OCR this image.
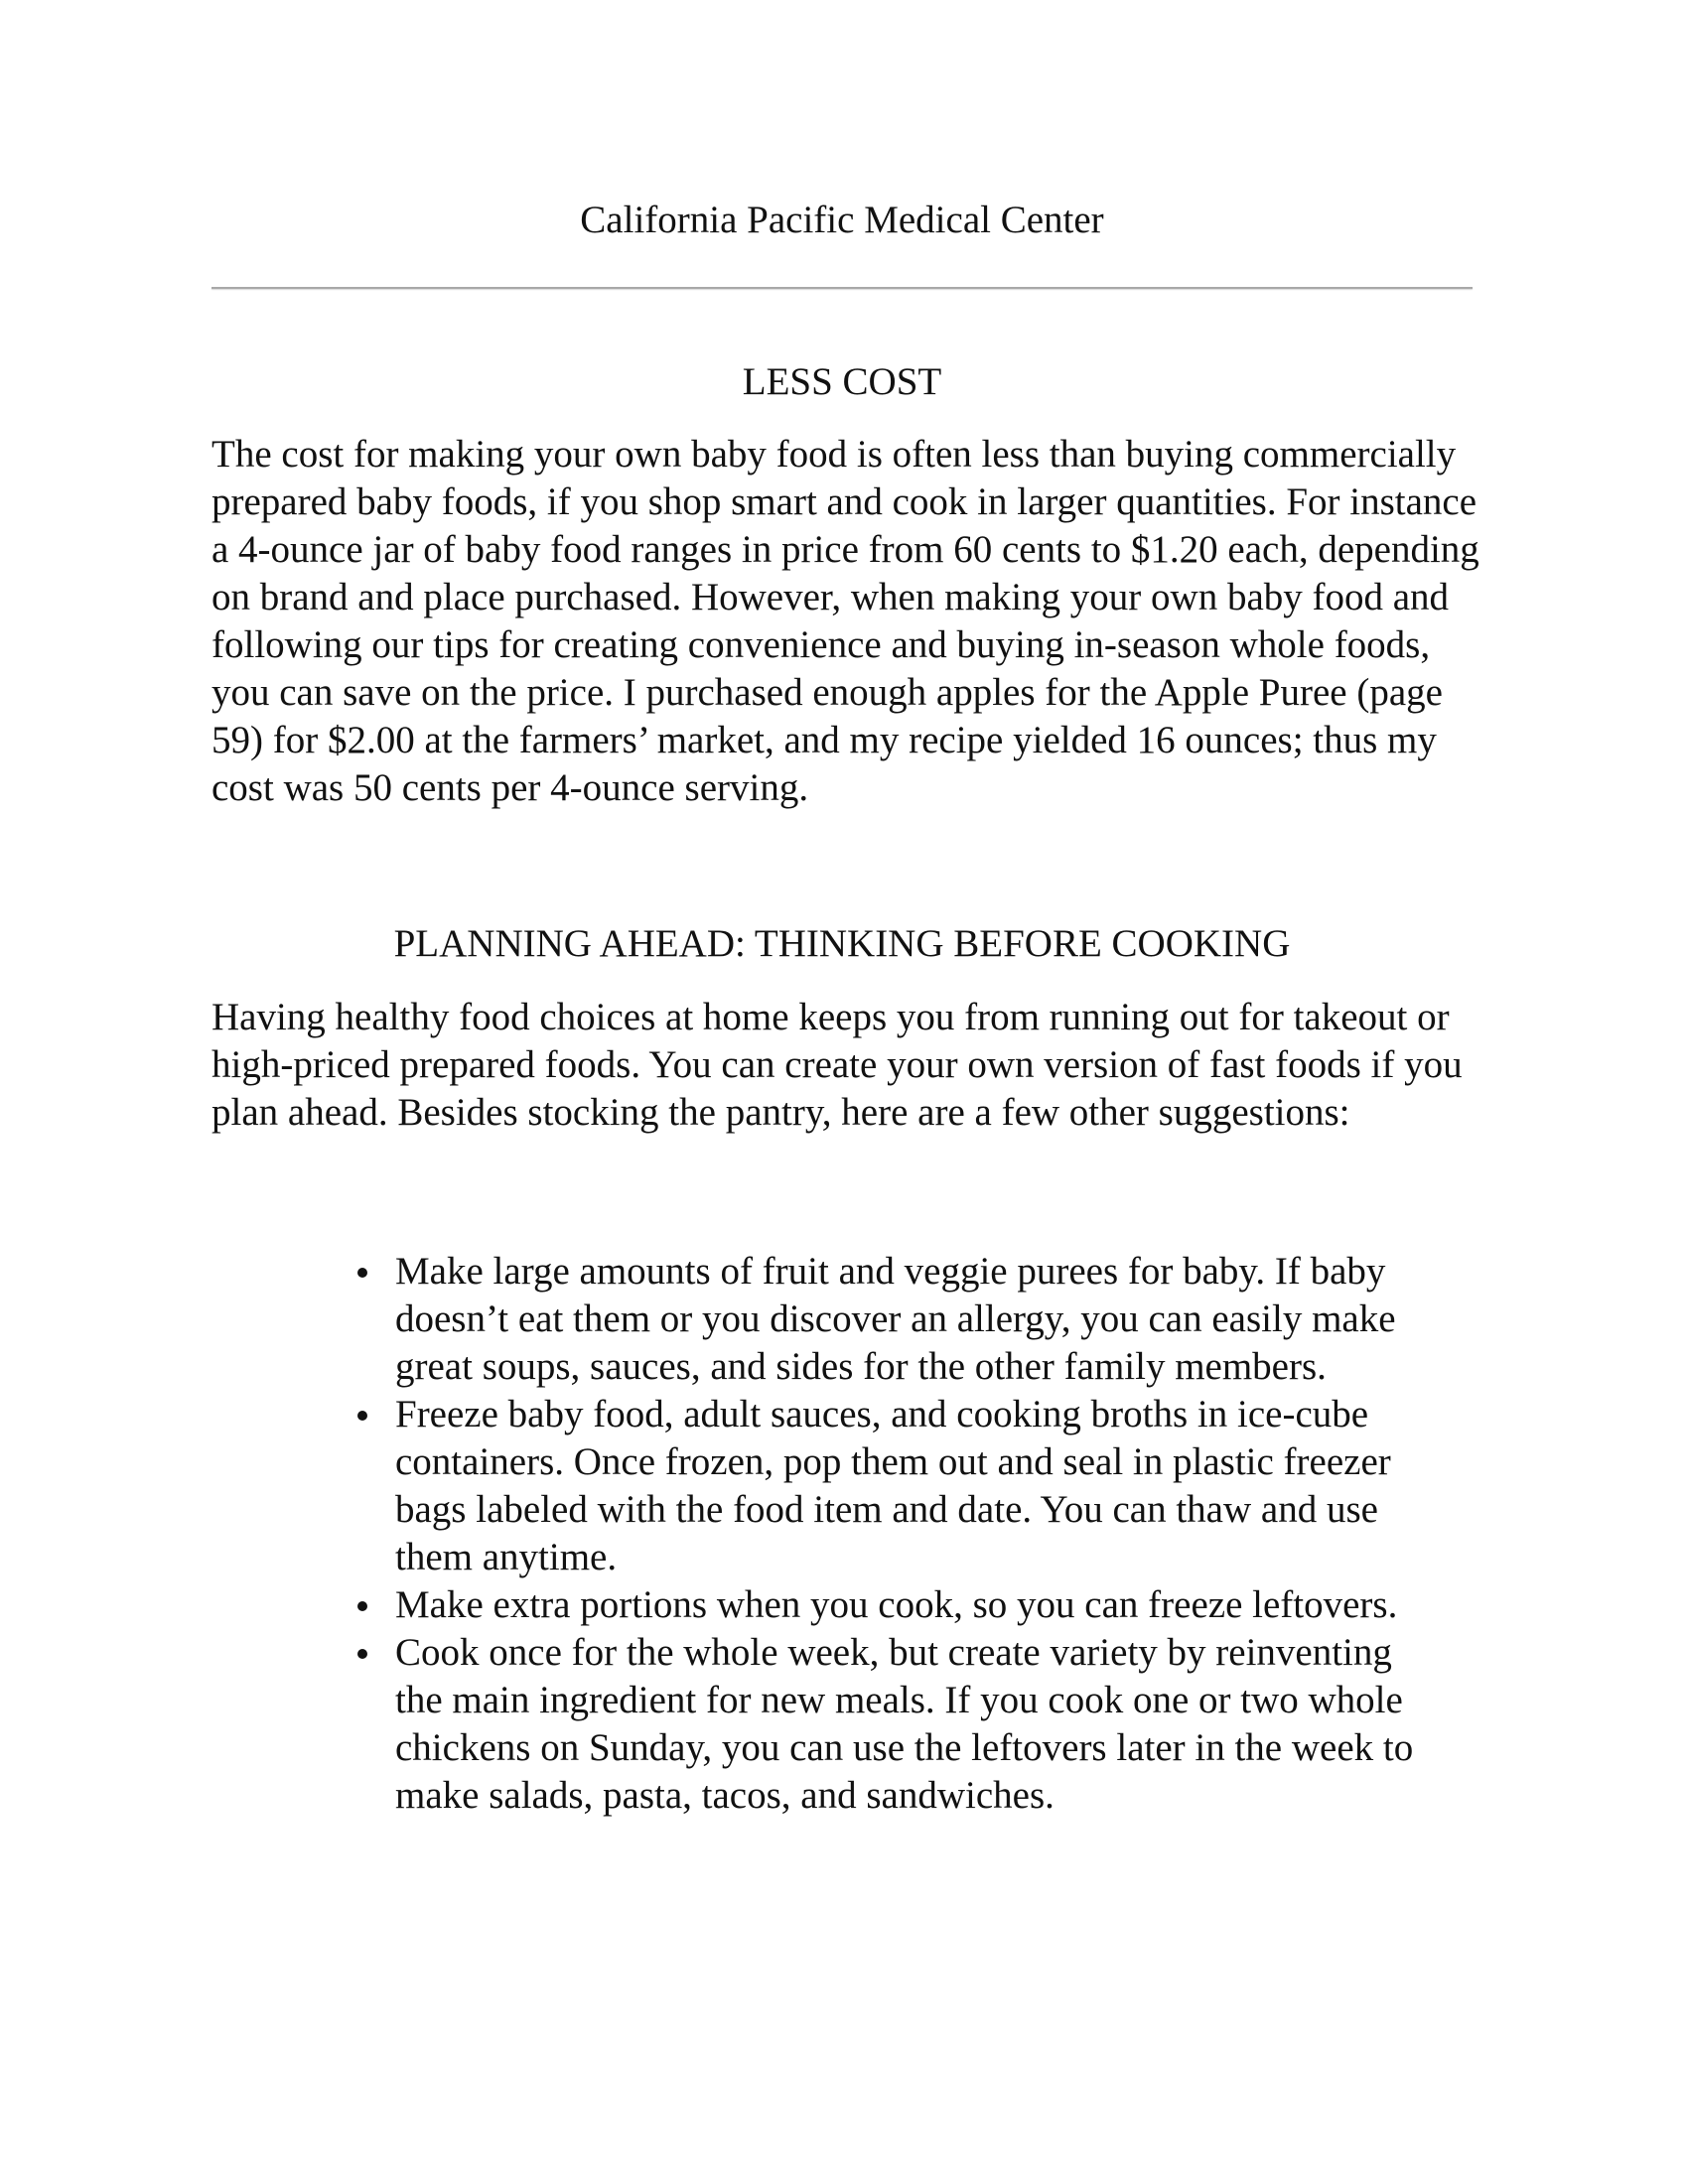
California Pacific Medical Center
LESS COST

The cost for making your own baby food is often less than buying commercially prepared baby foods, if you shop smart and cook in larger quantities. For instance a 4-ounce jar of baby food ranges in price from 60 cents to $1.20 each, depending on brand and place purchased. However, when making your own baby food and following our tips for creating convenience and buying in-season whole foods, you can save on the price. I purchased enough apples for the Apple Puree (page 59) for $2.00 at the farmers’ market, and my recipe yielded 16 ounces; thus my cost was 50 cents per 4-ounce serving.

PLANNING AHEAD: THINKING BEFORE COOKING

Having healthy food choices at home keeps you from running out for takeout or high-priced prepared foods. You can create your own version of fast foods if you plan ahead. Besides stocking the pantry, here are a few other suggestions:

Make large amounts of fruit and veggie purees for baby. If baby doesn’t eat them or you discover an allergy, you can easily make great soups, sauces, and sides for the other family members.
Freeze baby food, adult sauces, and cooking broths in ice-cube containers. Once frozen, pop them out and seal in plastic freezer bags labeled with the food item and date. You can thaw and use them anytime.
Make extra portions when you cook, so you can freeze leftovers.
Cook once for the whole week, but create variety by reinventing the main ingredient for new meals. If you cook one or two whole chickens on Sunday, you can use the leftovers later in the week to make salads, pasta, tacos, and sandwiches.
